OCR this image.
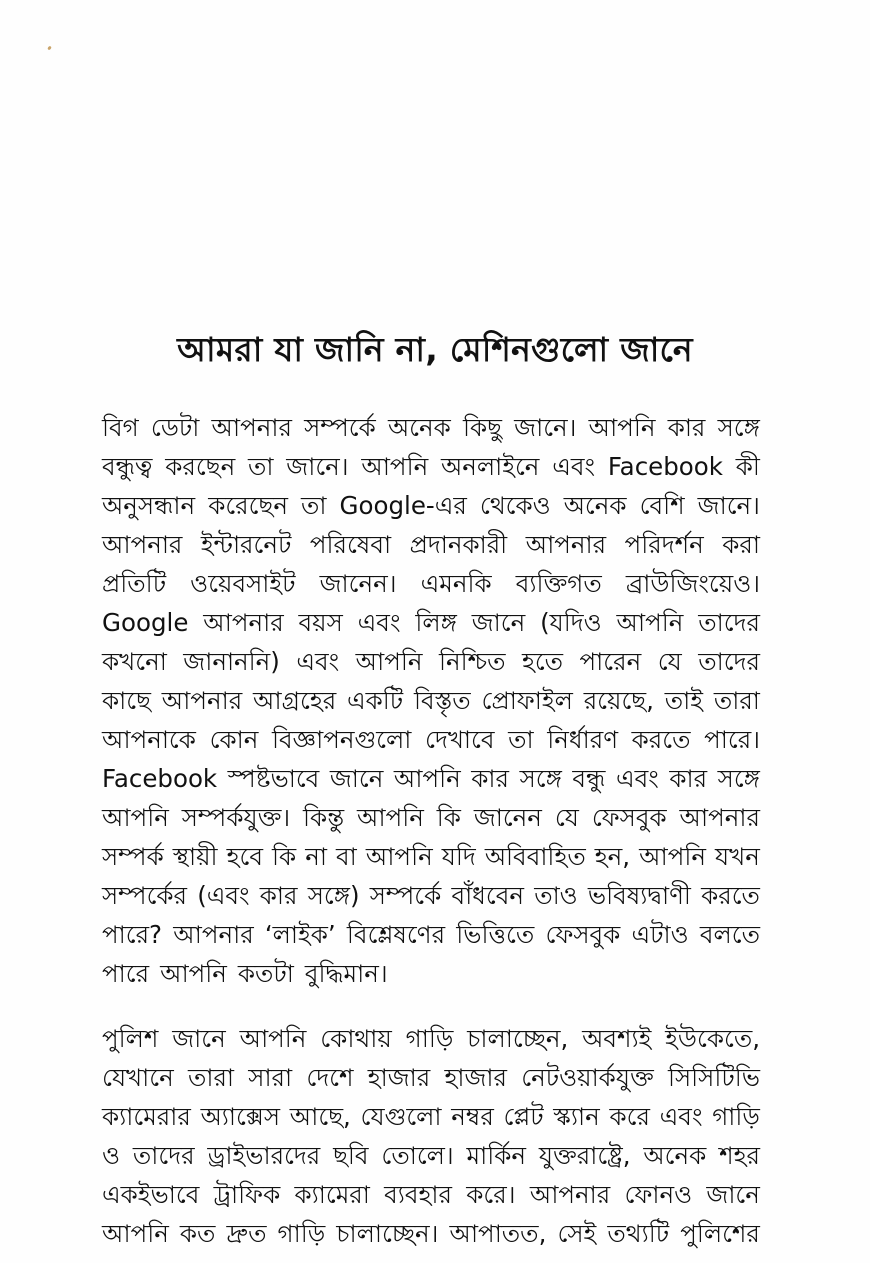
আমরা যা জানি না, মেশিনগুলো জানে
বিগ ডেটা আপনার সম্পর্কে অনেক কিছু জানে। আপনি কার সঙ্গে
বন্ধুত্ব করছেন তা জানে। আপনি অনলাইনে এবং Facebook কী
অনুসন্ধান করেছেন তা Google-এর থেকেও অনেক বেশি জানে।
আপনার ইন্টারনেট পরিষেবা প্রদানকারী আপনার পরিদর্শন করা
প্রতিটি ওয়েবসাইট জানেন। এমনকি ব্যক্তিগত ব্রাউজিংয়েও।
Google আপনার বয়স এবং লিঙ্গ জানে (যদিও আপনি তাদের
কখনো জানাননি) এবং আপনি নিশ্চিত হতে পারেন যে তাদের
কাছে আপনার আগ্রহের একটি বিস্তৃত প্রোফাইল রয়েছে, তাই তারা
আপনাকে কোন বিজ্ঞাপনগুলো দেখাবে তা নির্ধারণ করতে পারে।
Facebook স্পষ্টভাবে জানে আপনি কার সঙ্গে বন্ধু এবং কার সঙ্গে
আপনি সম্পর্কযুক্ত। কিন্তু আপনি কি জানেন যে ফেসবুক আপনার
সম্পর্ক স্থায়ী হবে কি না বা আপনি যদি অবিবাহিত হন, আপনি যখন
সম্পর্কের (এবং কার সঙ্গে) সম্পর্কে বাঁধবেন তাও ভবিষ্যদ্বাণী করতে
পারে? আপনার ‘লাইক’ বিশ্লেষণের ভিত্তিতে ফেসবুক এটাও বলতে
পারে আপনি কতটা বুদ্ধিমান।
পুলিশ জানে আপনি কোথায় গাড়ি চালাচ্ছেন, অবশ্যই ইউকেতে,
যেখানে তারা সারা দেশে হাজার হাজার নেটওয়ার্কযুক্ত সিসিটিভি
ক্যামেরার অ্যাক্সেস আছে, যেগুলো নম্বর প্লেট স্ক্যান করে এবং গাড়ি
ও তাদের ড্রাইভারদের ছবি তোলে। মার্কিন যুক্তরাষ্ট্রে, অনেক শহর
একইভাবে ট্রাফিক ক্যামেরা ব্যবহার করে। আপনার ফোনও জানে
আপনি কত দ্রুত গাড়ি চালাচ্ছেন। আপাতত, সেই তথ্যটি পুলিশের
